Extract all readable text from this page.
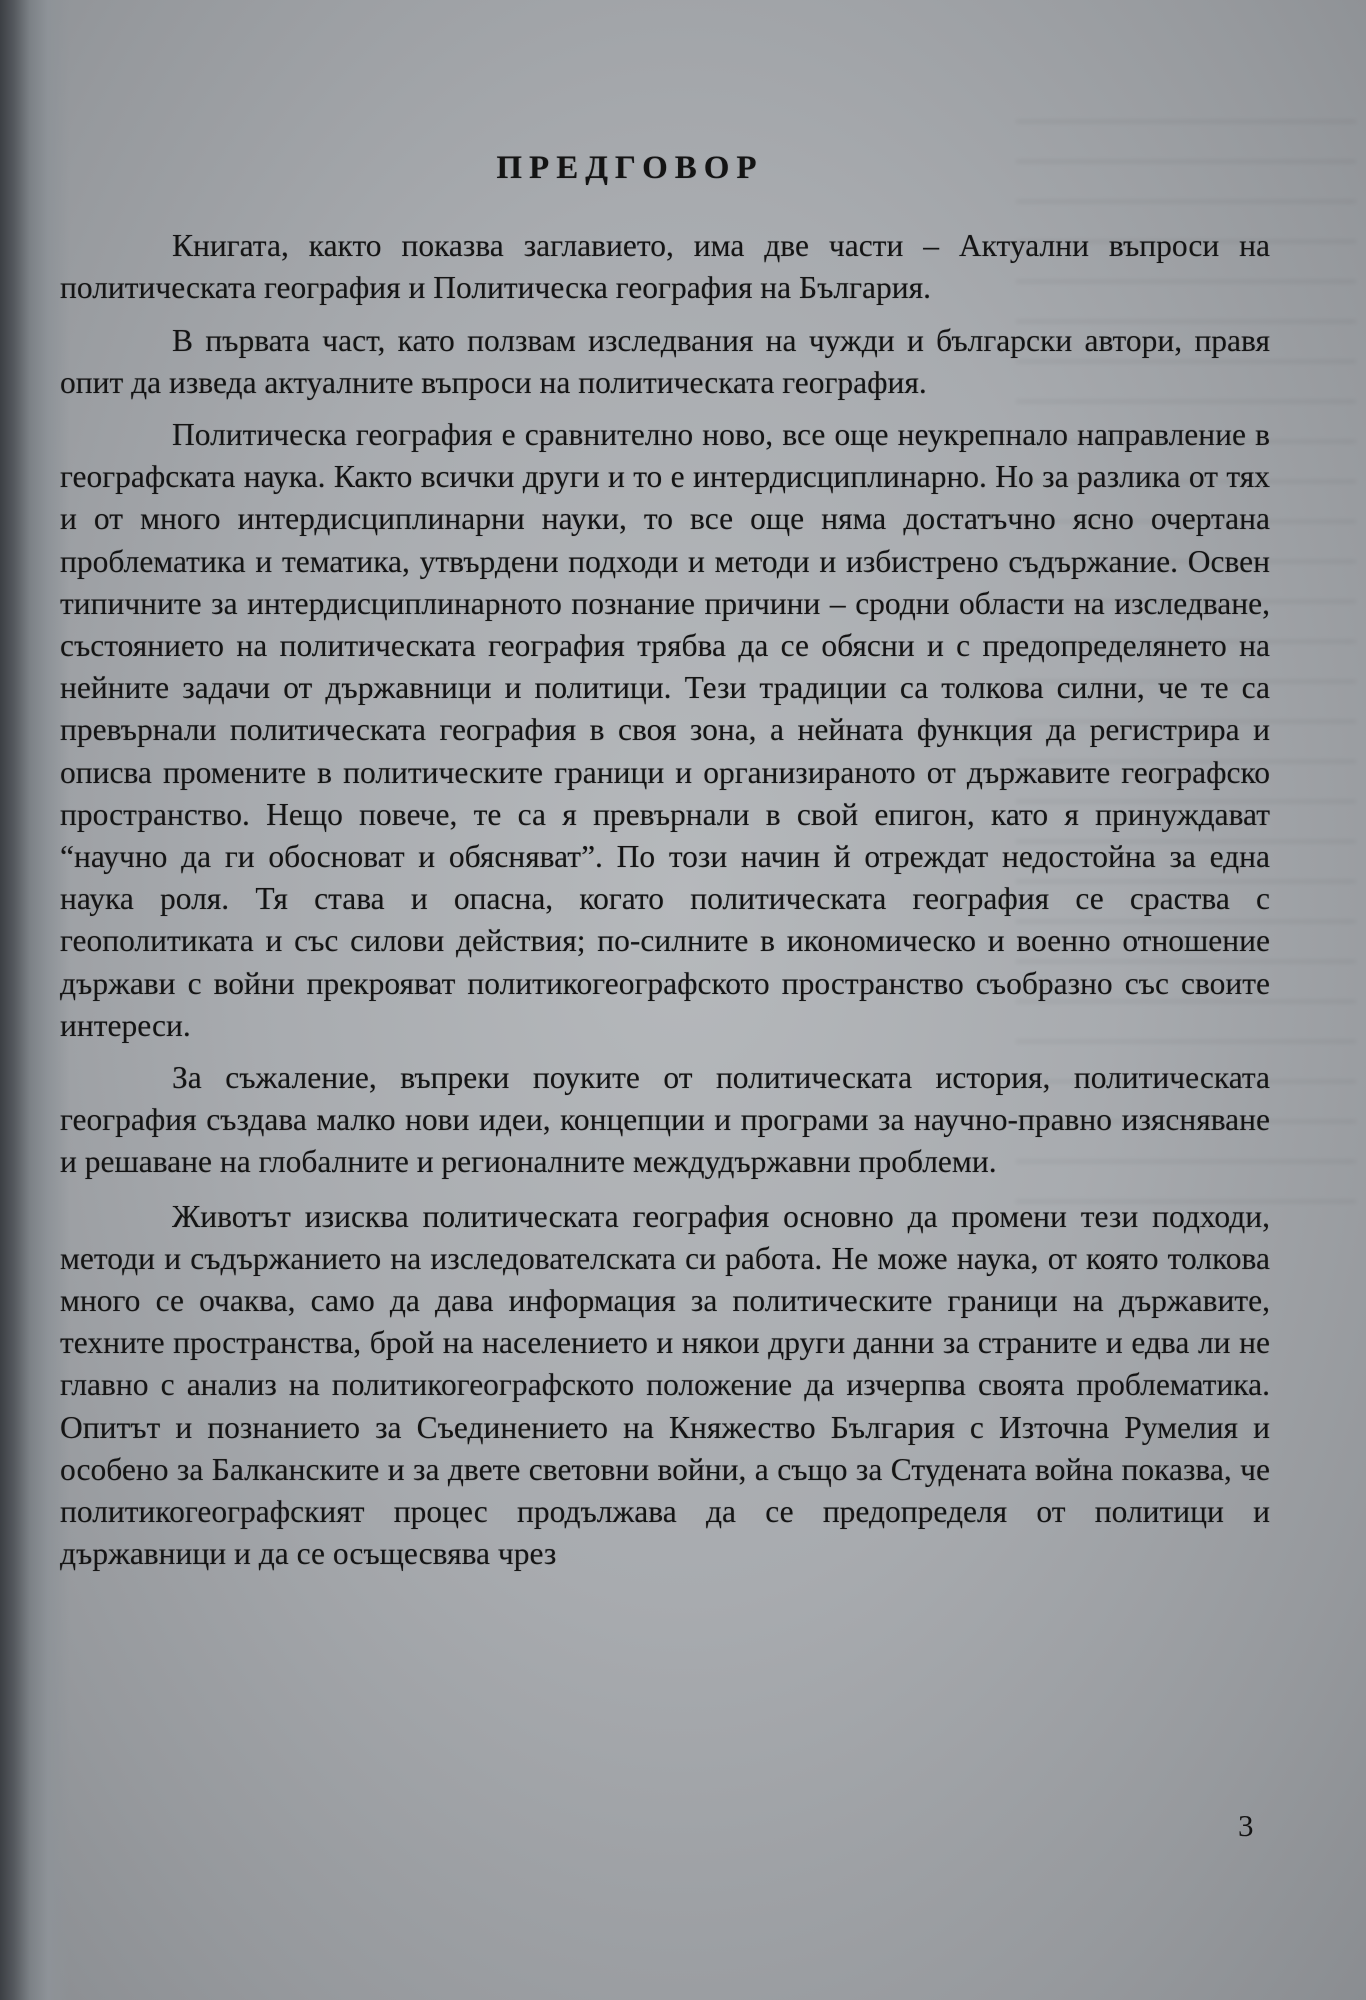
ПРЕДГОВОР

Книгата, както показва заглавието, има две части – Актуални въпроси на политическата география и Политическа география на България.

В първата част, като ползвам изследвания на чужди и български автори, правя опит да изведа актуалните въпроси на политическата география.

Политическа география е сравнително ново, все още неукрепнало направление в географската наука. Както всички други и то е интердисциплинарно. Но за разлика от тях и от много интердисциплинарни науки, то все още няма достатъчно ясно очертана проблематика и тематика, утвърдени подходи и методи и избистрено съдържание. Освен типичните за интердисциплинарното познание причини – сродни области на изследване, състоянието на политическата география трябва да се обясни и с предопределянето на нейните задачи от държавници и политици. Тези традиции са толкова силни, че те са превърнали политическата география в своя зона, а нейната функция да регистрира и описва промените в политическите граници и организираното от държавите географско пространство. Нещо повече, те са я превърнали в свой епигон, като я принуждават “научно да ги обосноват и обясняват”. По този начин й отреждат недостойна за една наука роля. Тя става и опасна, когато политическата география се сраства с геополитиката и със силови действия; по-силните в икономическо и военно отношение държави с войни прекрояват политикогеографското пространство съобразно със своите интереси.

За съжаление, въпреки поуките от политическата история, политическата география създава малко нови идеи, концепции и програми за научно-правно изясняване и решаване на глобалните и регионалните междудържавни проблеми.

Животът изисква политическата география основно да промени тези подходи, методи и съдържанието на изследователската си работа. Не може наука, от която толкова много се очаква, само да дава информация за политическите граници на държавите, техните пространства, брой на населението и някои други данни за страните и едва ли не главно с анализ на политикогеографското положение да изчерпва своята проблематика. Опитът и познанието за Съединението на Княжество България с Източна Румелия и особено за Балканските и за двете световни войни, а също за Студената война показва, че политикогеографският процес продължава да се предопределя от политици и държавници и да се осъщесвява чрез

3
